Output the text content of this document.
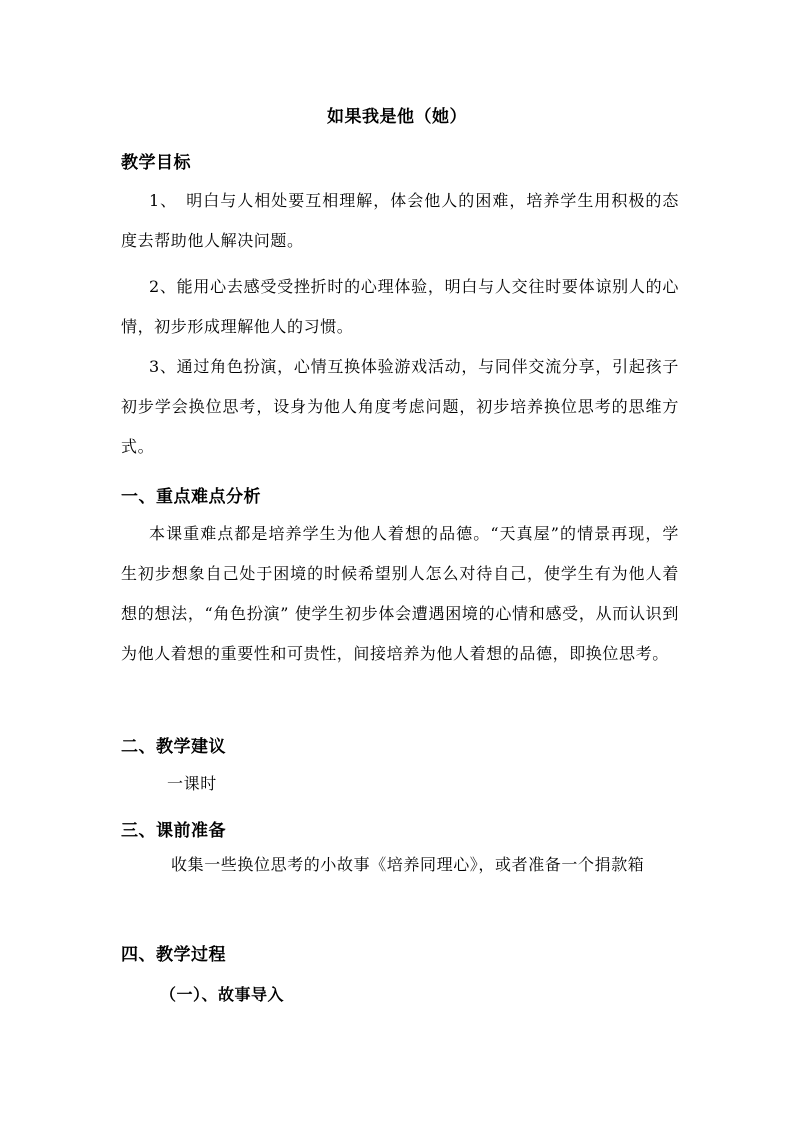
如果我是他（她）
教学目标
1、　明白与人相处要互相理解，体会他人的困难，培养学生用积极的态度去帮助他人解决问题。
2、能用心去感受受挫折时的心理体验，明白与人交往时要体谅别人的心情，初步形成理解他人的习惯。
3、通过角色扮演，心情互换体验游戏活动，与同伴交流分享，引起孩子初步学会换位思考，设身为他人角度考虑问题，初步培养换位思考的思维方式。
一、重点难点分析
本课重难点都是培养学生为他人着想的品德。“天真屋”的情景再现，学生初步想象自己处于困境的时候希望别人怎么对待自己，使学生有为他人着想的想法，“角色扮演” 使学生初步体会遭遇困境的心情和感受，从而认识到为他人着想的重要性和可贵性，间接培养为他人着想的品德，即换位思考。
二、教学建议
一课时
三、课前准备
收集一些换位思考的小故事《培养同理心》，或者准备一个捐款箱
四、教学过程
（一）、故事导入
